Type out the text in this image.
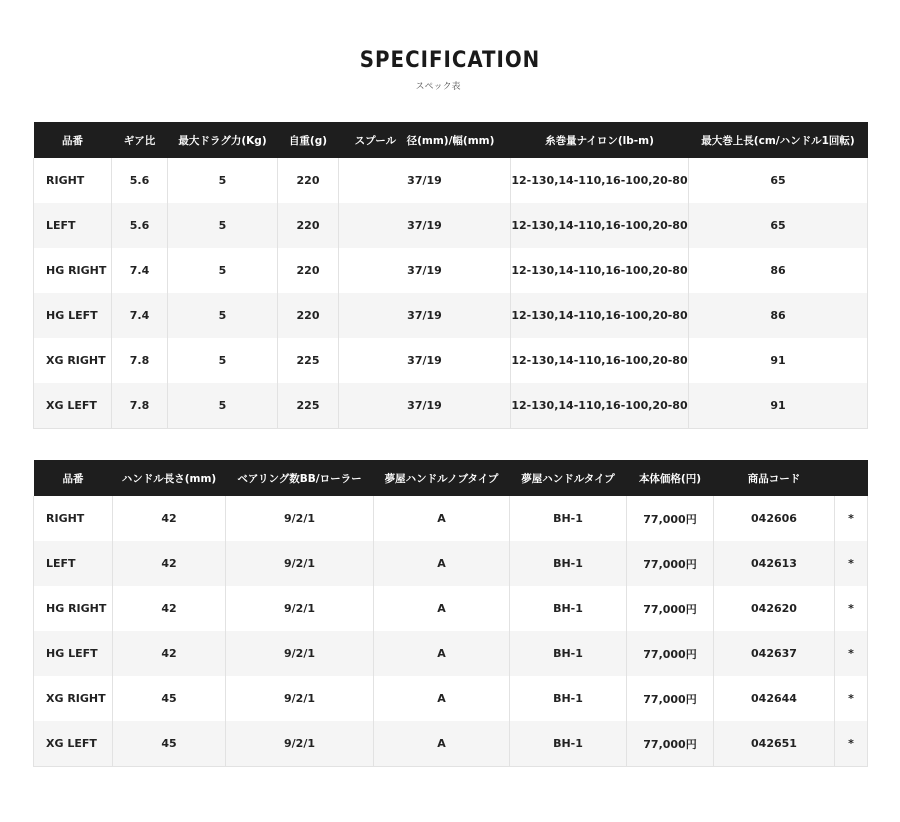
SPECIFICATION
スペック表
品番	ギア比	最大ドラグ力(Kg)	自重(g)	スプール　径(mm)/幅(mm)	糸巻量ナイロン(lb-m)	最大巻上長(cm/ハンドル1回転)
RIGHT	5.6	5	220	37/19	12-130,14-110,16-100,20-80	65
LEFT	5.6	5	220	37/19	12-130,14-110,16-100,20-80	65
HG RIGHT	7.4	5	220	37/19	12-130,14-110,16-100,20-80	86
HG LEFT	7.4	5	220	37/19	12-130,14-110,16-100,20-80	86
XG RIGHT	7.8	5	225	37/19	12-130,14-110,16-100,20-80	91
XG LEFT	7.8	5	225	37/19	12-130,14-110,16-100,20-80	91
品番	ハンドル長さ(mm)	ベアリング数BB/ローラー	夢屋ハンドルノブタイプ	夢屋ハンドルタイプ	本体価格(円)	商品コード	
RIGHT	42	9/2/1	A	BH-1	77,000円	042606	*
LEFT	42	9/2/1	A	BH-1	77,000円	042613	*
HG RIGHT	42	9/2/1	A	BH-1	77,000円	042620	*
HG LEFT	42	9/2/1	A	BH-1	77,000円	042637	*
XG RIGHT	45	9/2/1	A	BH-1	77,000円	042644	*
XG LEFT	45	9/2/1	A	BH-1	77,000円	042651	*
